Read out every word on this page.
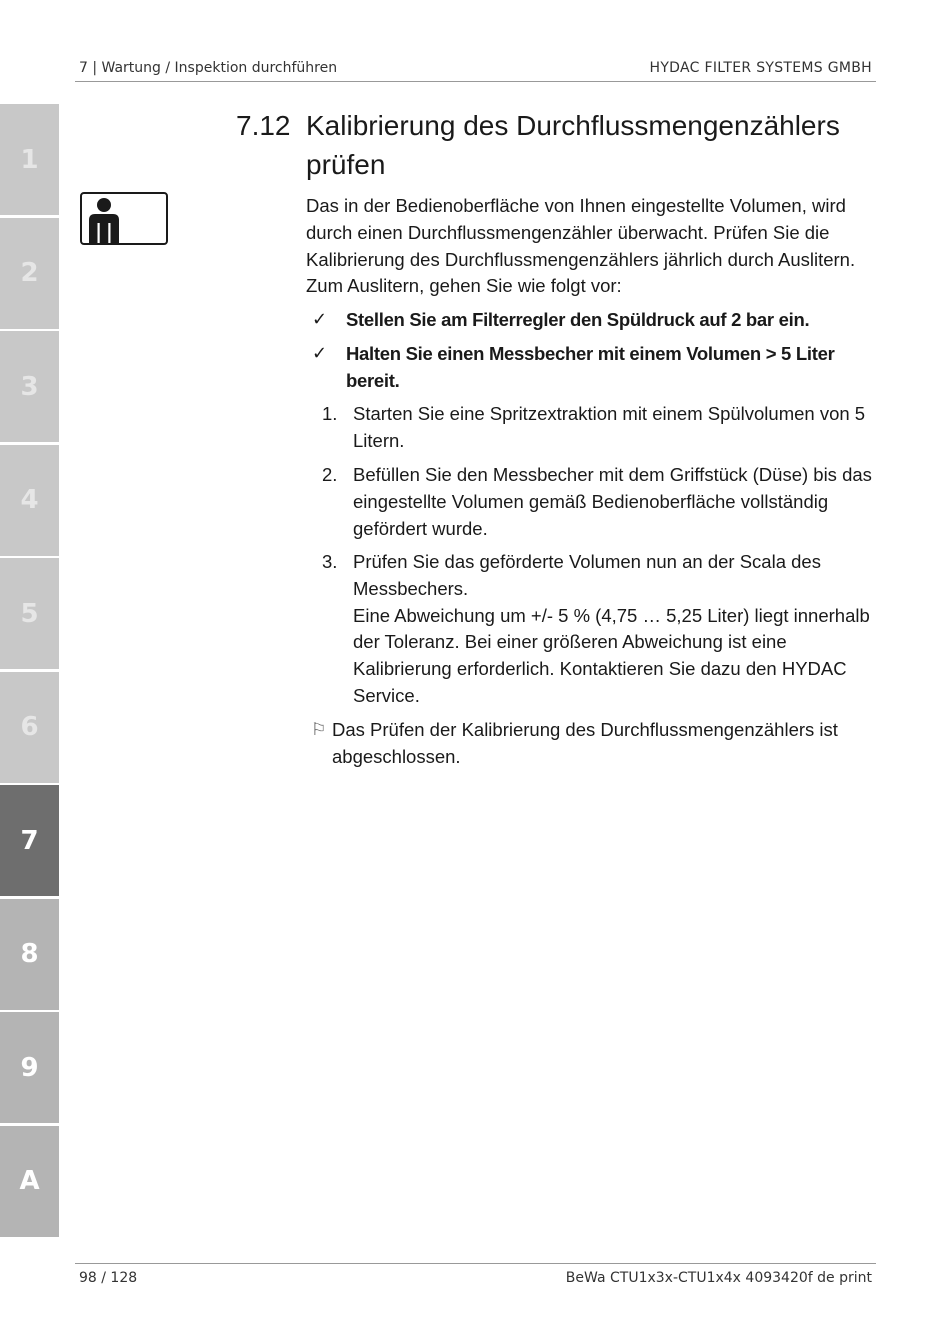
7 | Wartung / Inspektion durchführen	HYDAC FILTER SYSTEMS GMBH
1
2
3
4
5
6
7
8
9
A
7.12 Kalibrierung des Durchflussmengenzählers prüfen
Das in der Bedienoberfläche von Ihnen eingestellte Volumen, wird durch einen Durchflussmengenzähler überwacht. Prüfen Sie die Kalibrierung des Durchflussmengenzählers jährlich durch Auslitern. Zum Auslitern, gehen Sie wie folgt vor:
✓ Stellen Sie am Filterregler den Spüldruck auf 2 bar ein.
✓ Halten Sie einen Messbecher mit einem Volumen > 5 Liter bereit.
1. Starten Sie eine Spritzextraktion mit einem Spülvolumen von 5 Litern.
2. Befüllen Sie den Messbecher mit dem Griffstück (Düse) bis das eingestellte Volumen gemäß Bedienoberfläche vollständig gefördert wurde.
3. Prüfen Sie das geförderte Volumen nun an der Scala des Messbechers.
Eine Abweichung um +/- 5 % (4,75 … 5,25 Liter) liegt innerhalb der Toleranz. Bei einer größeren Abweichung ist eine Kalibrierung erforderlich. Kontaktieren Sie dazu den HYDAC Service.
⚐ Das Prüfen der Kalibrierung des Durchflussmengenzählers ist abgeschlossen.
98 / 128	BeWa CTU1x3x-CTU1x4x 4093420f de print
